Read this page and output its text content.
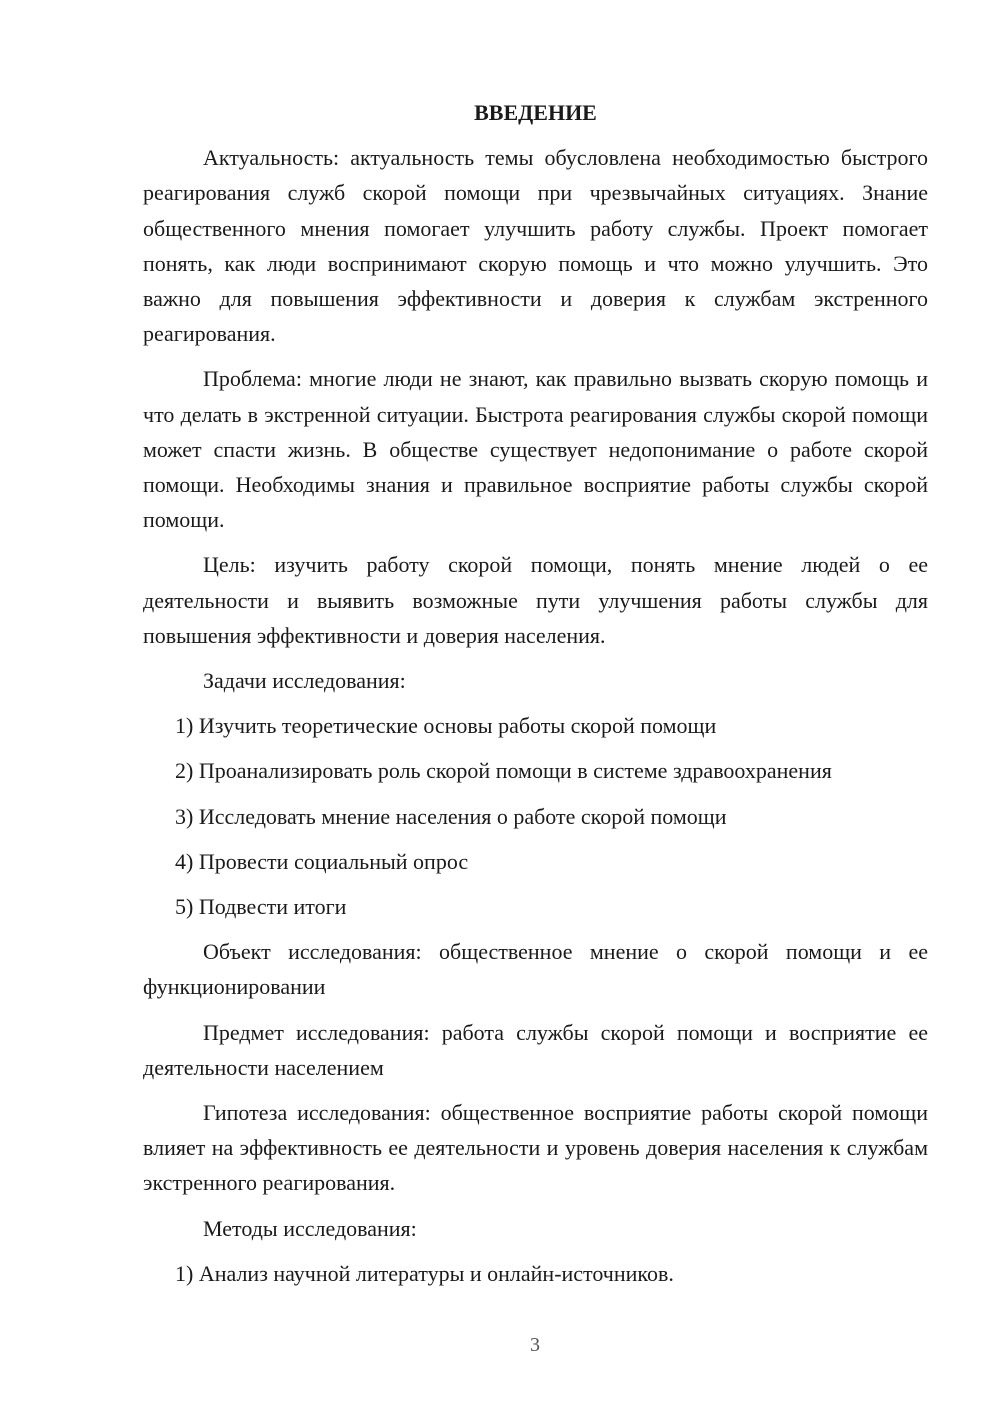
ВВЕДЕНИЕ

Актуальность: актуальность темы обусловлена необходимостью быстрого реагирования служб скорой помощи при чрезвычайных ситуациях. Знание общественного мнения помогает улучшить работу службы. Проект помогает понять, как люди воспринимают скорую помощь и что можно улучшить. Это важно для повышения эффективности и доверия к службам экстренного реагирования.

Проблема: многие люди не знают, как правильно вызвать скорую помощь и что делать в экстренной ситуации. Быстрота реагирования службы скорой помощи может спасти жизнь. В обществе существует недопонимание о работе скорой помощи. Необходимы знания и правильное восприятие работы службы скорой помощи.

Цель: изучить работу скорой помощи, понять мнение людей о ее деятельности и выявить возможные пути улучшения работы службы для повышения эффективности и доверия населения.

Задачи исследования:

1) Изучить теоретические основы работы скорой помощи
2) Проанализировать роль скорой помощи в системе здравоохранения
3) Исследовать мнение населения о работе скорой помощи
4) Провести социальный опрос
5) Подвести итоги

Объект исследования: общественное мнение о скорой помощи и ее функционировании

Предмет исследования: работа службы скорой помощи и восприятие ее деятельности населением

Гипотеза исследования: общественное восприятие работы скорой помощи влияет на эффективность ее деятельности и уровень доверия населения к службам экстренного реагирования.

Методы исследования:

1) Анализ научной литературы и онлайн-источников.
3
